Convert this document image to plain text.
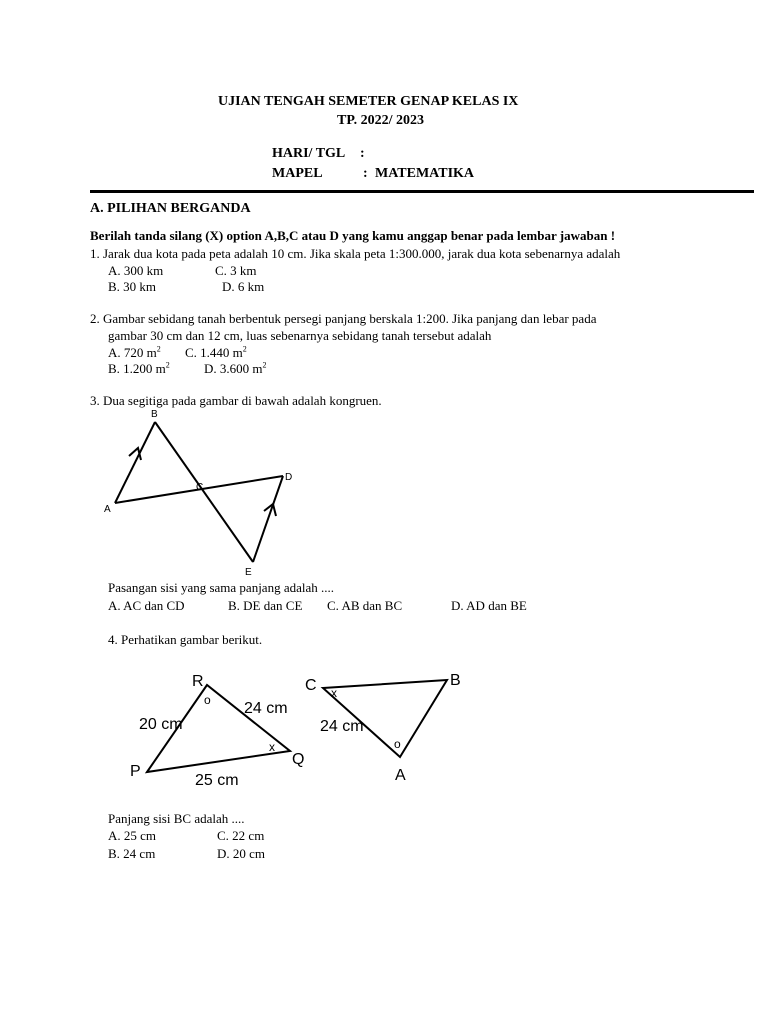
UJIAN TENGAH SEMETER GENAP KELAS IX
TP. 2022/ 2023
HARI/ TGL :
MAPEL	: MATEMATIKA
A. PILIHAN BERGANDA
Berilah tanda silang (X) option A,B,C atau D yang kamu anggap benar pada lembar jawaban !
1. Jarak dua kota pada peta adalah 10 cm. Jika skala peta 1:300.000, jarak dua kota sebenarnya adalah
A. 300 km	C. 3 km
B. 30 km	D. 6 km
2. Gambar sebidang tanah berbentuk persegi panjang berskala 1:200. Jika panjang dan lebar pada
gambar 30 cm dan 12 cm, luas sebenarnya sebidang tanah tersebut adalah
A. 720 $m^2$ C. 1.440 $m^2$
B. 1.200 $m^2$	D. 3.600 $m^2$
3. Dua segitiga pada gambar di bawah adalah kongruen.
B
D
C
A
E
Pasangan sisi yang sama panjang adalah ....
A. AC dan CD	B. DE dan CE C. AB dan BC	D. AD dan BE
4. Perhatikan gambar berikut.
R
P
Q
o
x
20 cm
24 cm
25 cm
C	B
A
x
o
24 cm
Panjang sisi BC adalah ....
A. 25 cm	C. 22 cm
B. 24 cm	D. 20 cm
